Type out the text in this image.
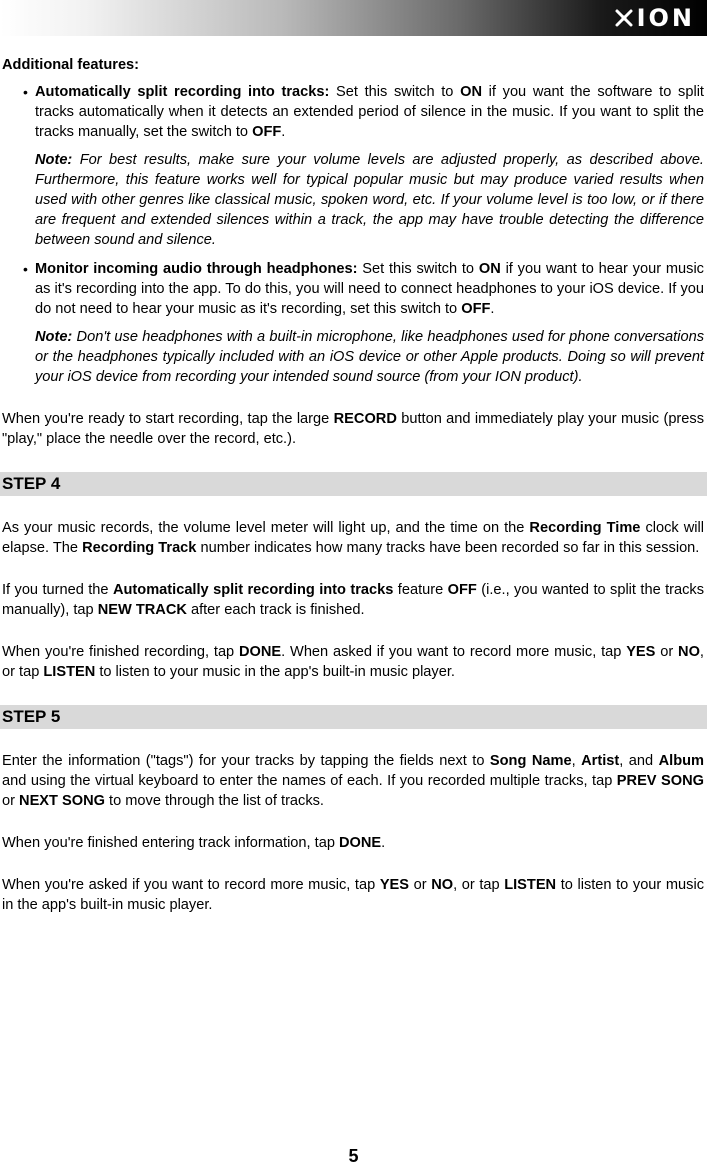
ION

Additional features:

• Automatically split recording into tracks: Set this switch to ON if you want the software to split tracks automatically when it detects an extended period of silence in the music. If you want to split the tracks manually, set the switch to OFF.

Note: For best results, make sure your volume levels are adjusted properly, as described above. Furthermore, this feature works well for typical popular music but may produce varied results when used with other genres like classical music, spoken word, etc. If your volume level is too low, or if there are frequent and extended silences within a track, the app may have trouble detecting the difference between sound and silence.

• Monitor incoming audio through headphones: Set this switch to ON if you want to hear your music as it's recording into the app. To do this, you will need to connect headphones to your iOS device. If you do not need to hear your music as it's recording, set this switch to OFF.

Note: Don't use headphones with a built-in microphone, like headphones used for phone conversations or the headphones typically included with an iOS device or other Apple products. Doing so will prevent your iOS device from recording your intended sound source (from your ION product).

When you're ready to start recording, tap the large RECORD button and immediately play your music (press "play," place the needle over the record, etc.).

STEP 4

As your music records, the volume level meter will light up, and the time on the Recording Time clock will elapse. The Recording Track number indicates how many tracks have been recorded so far in this session.

If you turned the Automatically split recording into tracks feature OFF (i.e., you wanted to split the tracks manually), tap NEW TRACK after each track is finished.

When you're finished recording, tap DONE. When asked if you want to record more music, tap YES or NO, or tap LISTEN to listen to your music in the app's built-in music player.

STEP 5

Enter the information ("tags") for your tracks by tapping the fields next to Song Name, Artist, and Album and using the virtual keyboard to enter the names of each. If you recorded multiple tracks, tap PREV SONG or NEXT SONG to move through the list of tracks.

When you're finished entering track information, tap DONE.

When you're asked if you want to record more music, tap YES or NO, or tap LISTEN to listen to your music in the app's built-in music player.

5
